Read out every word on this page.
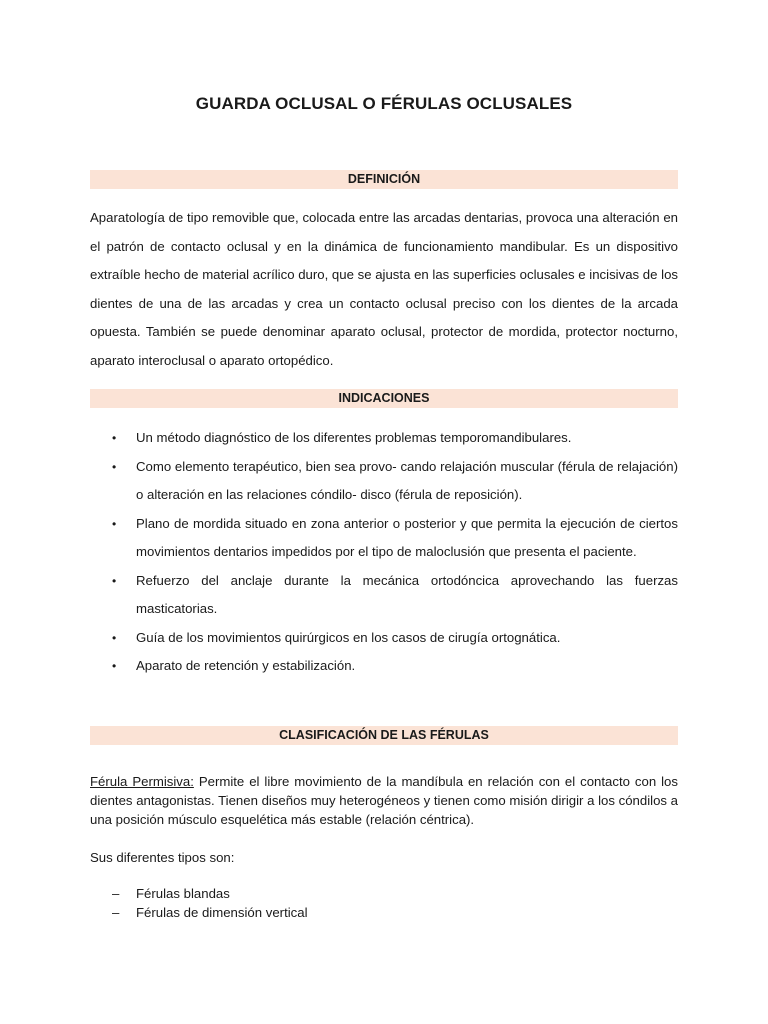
GUARDA OCLUSAL O FÉRULAS OCLUSALES
DEFINICIÓN

Aparatología de tipo removible que, colocada entre las arcadas dentarias, provoca una alteración en el patrón de contacto oclusal y en la dinámica de funcionamiento mandibular. Es un dispositivo extraíble hecho de material acrílico duro, que se ajusta en las superficies oclusales e incisivas de los dientes de una de las arcadas y crea un contacto oclusal preciso con los dientes de la arcada opuesta. También se puede denominar aparato oclusal, protector de mordida, protector nocturno, aparato interoclusal o aparato ortopédico.

INDICACIONES
• Un método diagnóstico de los diferentes problemas temporomandibulares.
• Como elemento terapéutico, bien sea provo- cando relajación muscular (férula de relajación) o alteración en las relaciones cóndilo- disco (férula de reposición).
• Plano de mordida situado en zona anterior o posterior y que permita la ejecución de ciertos movimientos dentarios impedidos por el tipo de maloclusión que presenta el paciente.
• Refuerzo del anclaje durante la mecánica ortodóncica aprovechando las fuerzas masticatorias.
• Guía de los movimientos quirúrgicos en los casos de cirugía ortognática.
• Aparato de retención y estabilización.
CLASIFICACIÓN DE LAS FÉRULAS

Férula Permisiva: Permite el libre movimiento de la mandíbula en relación con el contacto con los dientes antagonistas. Tienen diseños muy heterogéneos y tienen como misión dirigir a los cóndilos a una posición músculo esquelética más estable (relación céntrica).

Sus diferentes tipos son:
– Férulas blandas
– Férulas de dimensión vertical
